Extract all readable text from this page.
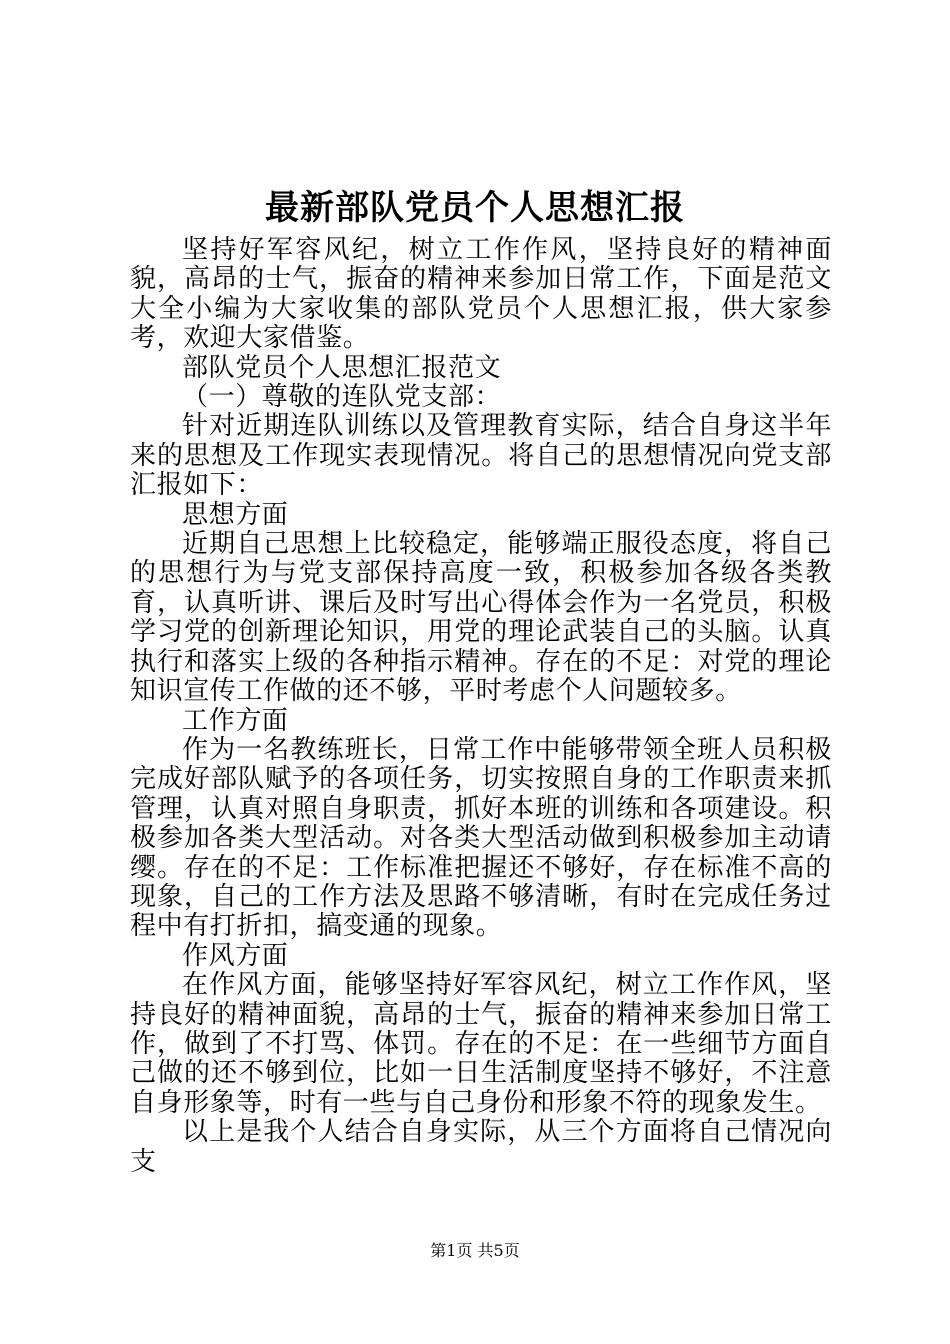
最新部队党员个人思想汇报

坚持好军容风纪，树立工作作风，坚持良好的精神面貌，高昂的士气，振奋的精神来参加日常工作，下面是范文大全小编为大家收集的部队党员个人思想汇报，供大家参考，欢迎大家借鉴。

部队党员个人思想汇报范文

（一）尊敬的连队党支部：

针对近期连队训练以及管理教育实际，结合自身这半年来的思想及工作现实表现情况。将自己的思想情况向党支部汇报如下：

思想方面

近期自己思想上比较稳定，能够端正服役态度，将自己的思想行为与党支部保持高度一致，积极参加各级各类教育，认真听讲、课后及时写出心得体会作为一名党员，积极学习党的创新理论知识，用党的理论武装自己的头脑。认真执行和落实上级的各种指示精神。存在的不足：对党的理论知识宣传工作做的还不够，平时考虑个人问题较多。

工作方面

作为一名教练班长，日常工作中能够带领全班人员积极完成好部队赋予的各项任务，切实按照自身的工作职责来抓管理，认真对照自身职责，抓好本班的训练和各项建设。积极参加各类大型活动。对各类大型活动做到积极参加主动请缨。存在的不足：工作标准把握还不够好，存在标准不高的现象，自己的工作方法及思路不够清晰，有时在完成任务过程中有打折扣，搞变通的现象。

作风方面

在作风方面，能够坚持好军容风纪，树立工作作风，坚持良好的精神面貌，高昂的士气，振奋的精神来参加日常工作，做到了不打骂、体罚。存在的不足：在一些细节方面自己做的还不够到位，比如一日生活制度坚持不够好，不注意自身形象等，时有一些与自己身份和形象不符的现象发生。

以上是我个人结合自身实际，从三个方面将自己情况向支

第1页 共5页
